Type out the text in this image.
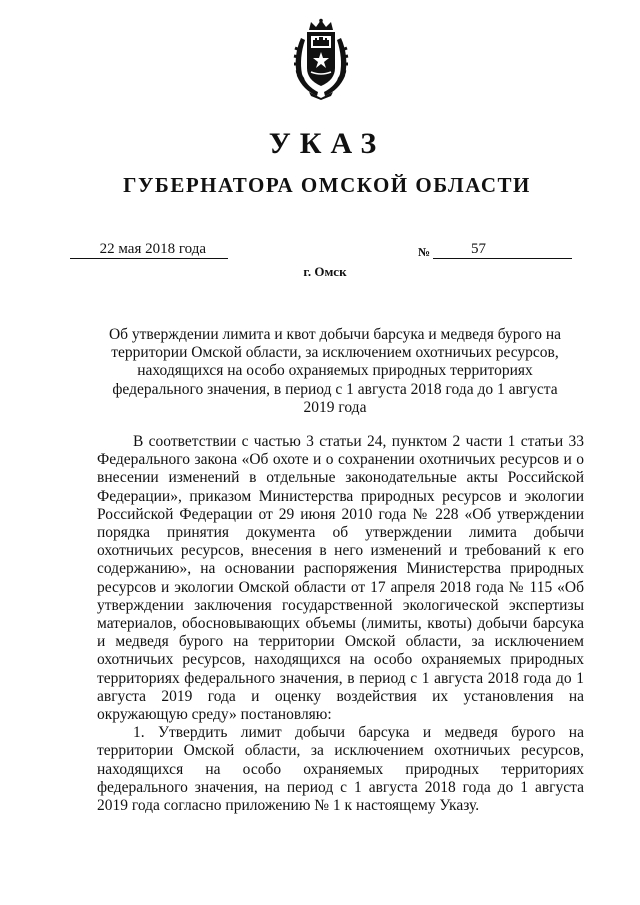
УКАЗ
ГУБЕРНАТОРА ОМСКОЙ ОБЛАСТИ
22 мая 2018 года	№	57
г. Омск
Об утверждении лимита и квот добычи барсука и медведя бурого на территории Омской области, за исключением охотничьих ресурсов, находящихся на особо охраняемых природных территориях федерального значения, в период с 1 августа 2018 года до 1 августа 2019 года

В соответствии с частью 3 статьи 24, пунктом 2 части 1 статьи 33 Федерального закона «Об охоте и о сохранении охотничьих ресурсов и о внесении изменений в отдельные законодательные акты Российской Федерации», приказом Министерства природных ресурсов и экологии Российской Федерации от 29 июня 2010 года № 228 «Об утверждении порядка принятия документа об утверждении лимита добычи охотничьих ресурсов, внесения в него изменений и требований к его содержанию», на основании распоряжения Министерства природных ресурсов и экологии Омской области от 17 апреля 2018 года № 115 «Об утверждении заключения государственной экологической экспертизы материалов, обосновывающих объемы (лимиты, квоты) добычи барсука и медведя бурого на территории Омской области, за исключением охотничьих ресурсов, находящихся на особо охраняемых природных территориях федерального значения, в период с 1 августа 2018 года до 1 августа 2019 года и оценку воздействия их установления на окружающую среду» постановляю:

1. Утвердить лимит добычи барсука и медведя бурого на территории Омской области, за исключением охотничьих ресурсов, находящихся на особо охраняемых природных территориях федерального значения, на период с 1 августа 2018 года до 1 августа 2019 года согласно приложению № 1 к настоящему Указу.
